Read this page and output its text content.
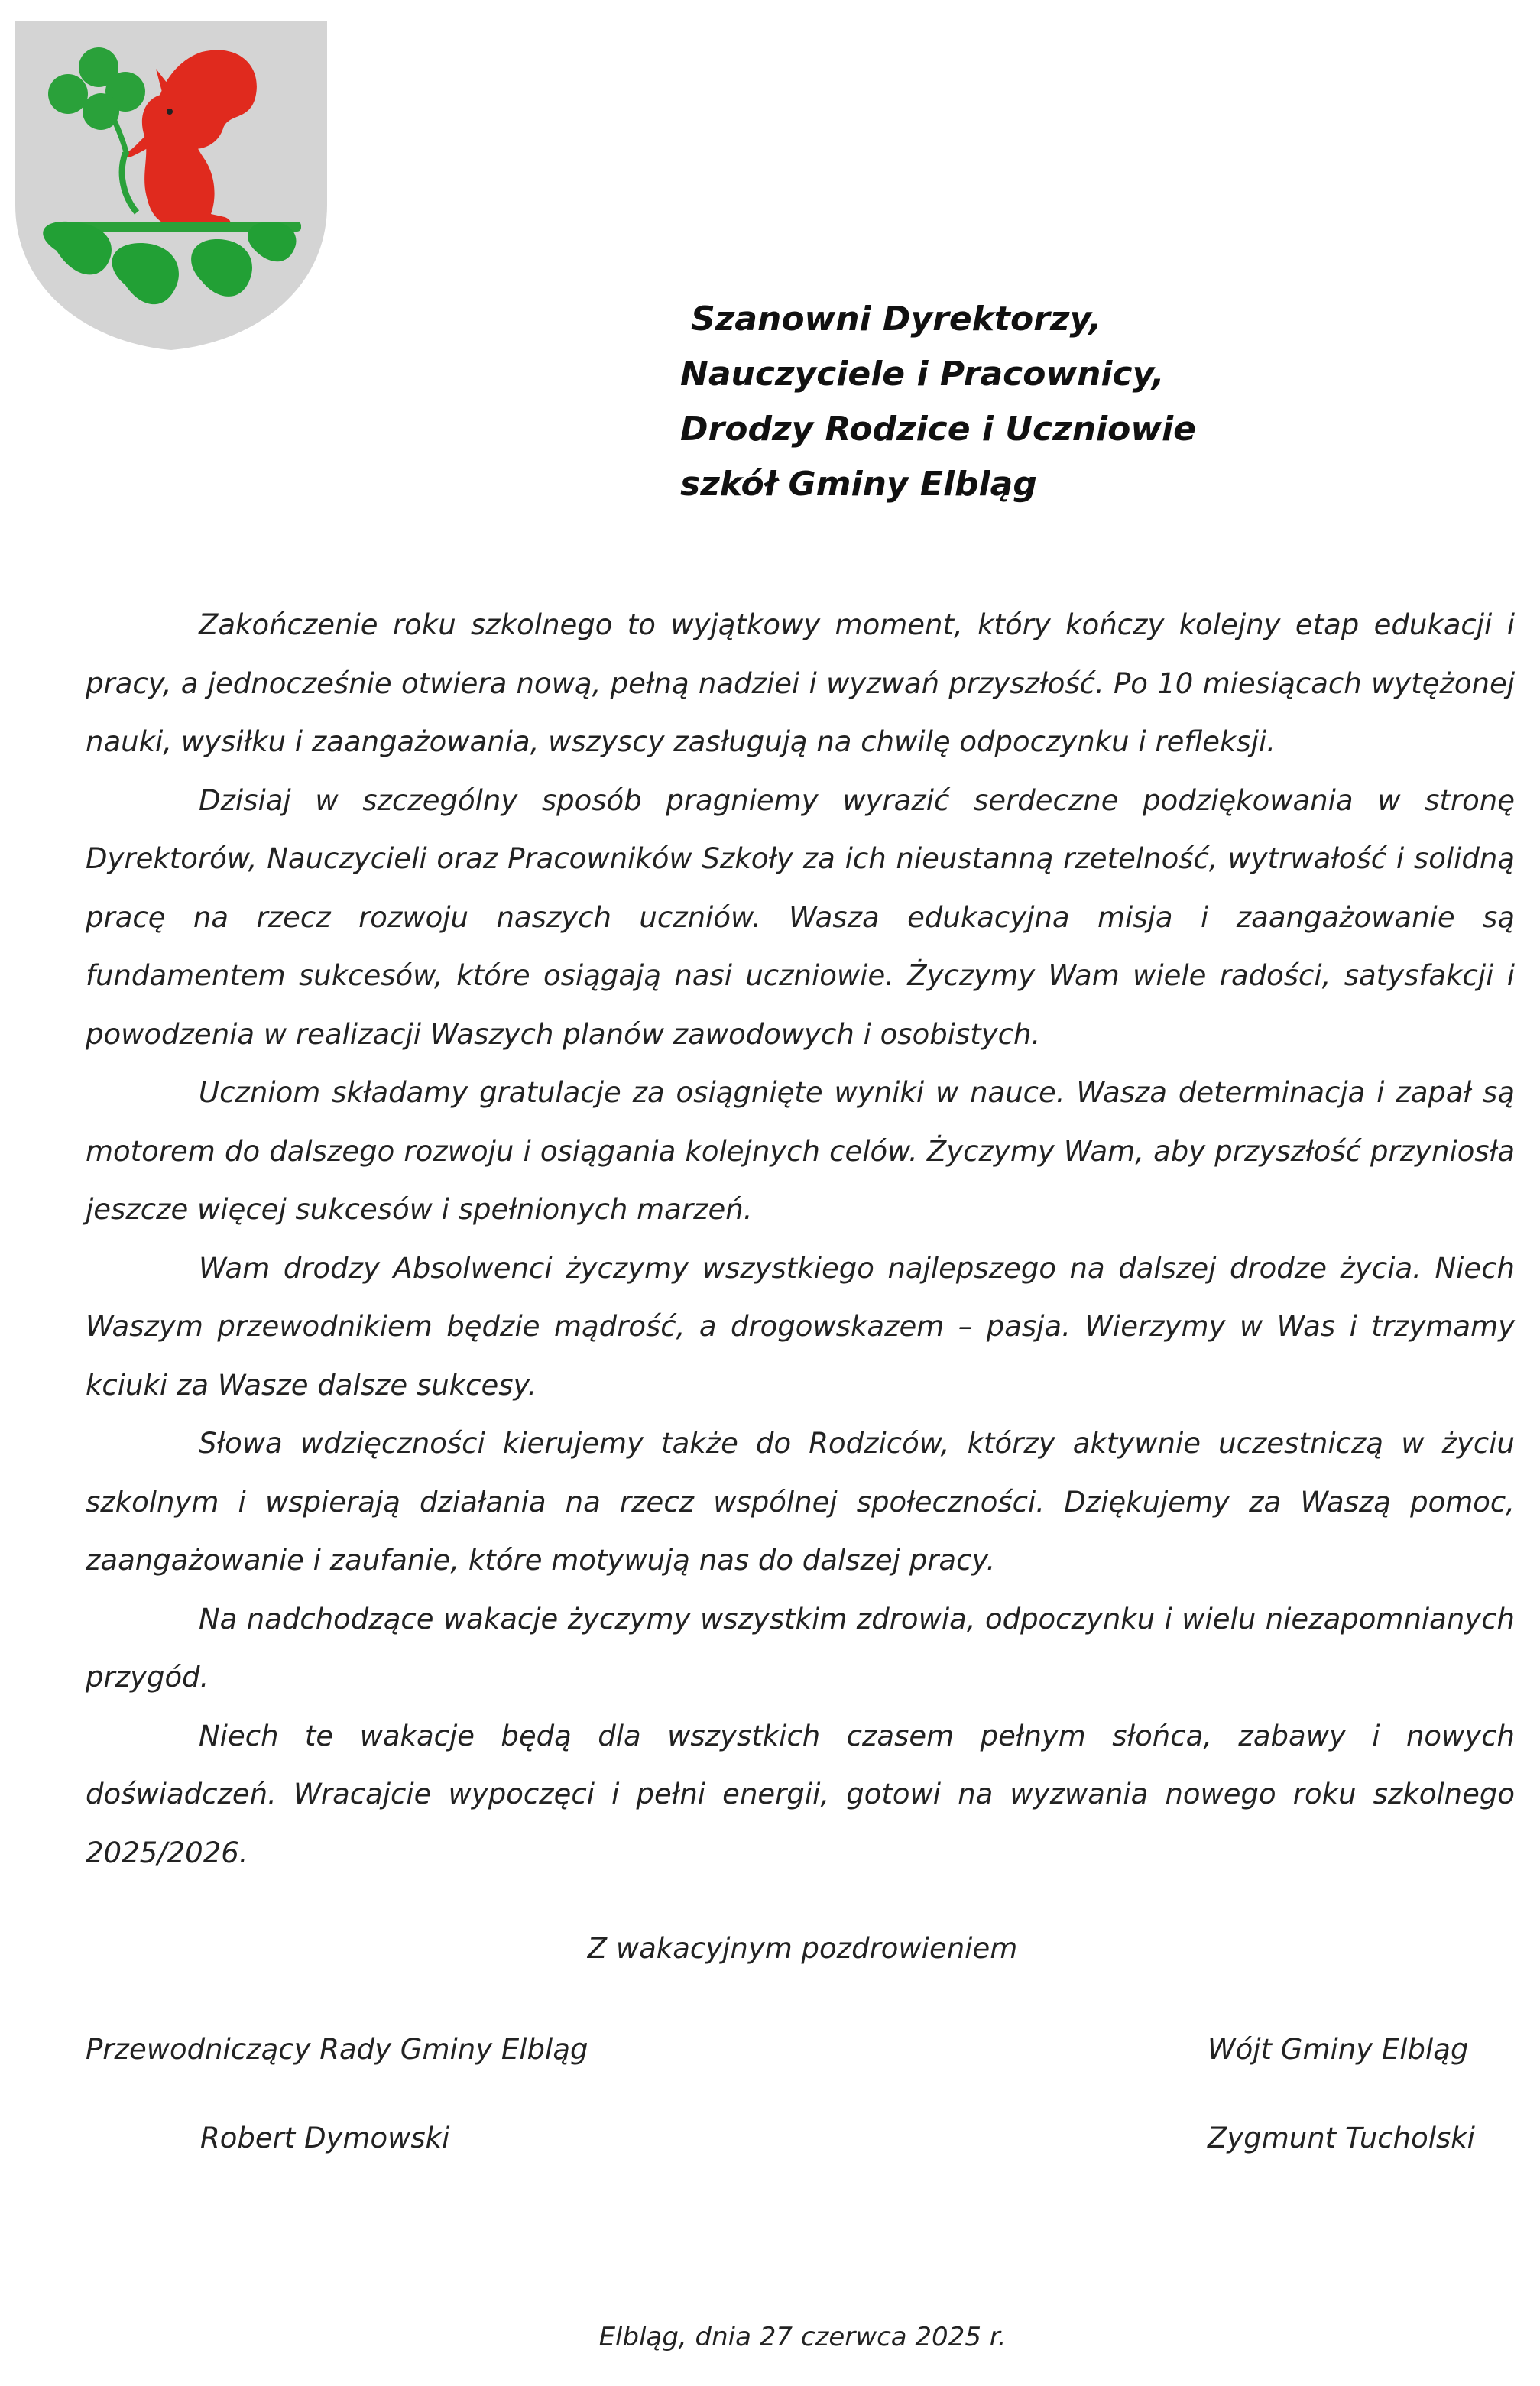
Szanowni Dyrektorzy,
Nauczyciele i Pracownicy,
Drodzy Rodzice i Uczniowie
szkół Gminy Elbląg

Zakończenie roku szkolnego to wyjątkowy moment, który kończy kolejny etap edukacji i pracy, a jednocześnie otwiera nową, pełną nadziei i wyzwań przyszłość. Po 10 miesiącach wytężonej nauki, wysiłku i zaangażowania, wszyscy zasługują na chwilę odpoczynku i refleksji.

Dzisiaj w szczególny sposób pragniemy wyrazić serdeczne podziękowania w stronę Dyrektorów, Nauczycieli oraz Pracowników Szkoły za ich nieustanną rzetelność, wytrwałość i solidną pracę na rzecz rozwoju naszych uczniów. Wasza edukacyjna misja i zaangażowanie są fundamentem sukcesów, które osiągają nasi uczniowie. Życzymy Wam wiele radości, satysfakcji i powodzenia w realizacji Waszych planów zawodowych i osobistych.

Uczniom składamy gratulacje za osiągnięte wyniki w nauce. Wasza determinacja i zapał są motorem do dalszego rozwoju i osiągania kolejnych celów. Życzymy Wam, aby przyszłość przyniosła jeszcze więcej sukcesów i spełnionych marzeń.

Wam drodzy Absolwenci życzymy wszystkiego najlepszego na dalszej drodze życia. Niech Waszym przewodnikiem będzie mądrość, a drogowskazem – pasja. Wierzymy w Was i trzymamy kciuki za Wasze dalsze sukcesy.

Słowa wdzięczności kierujemy także do Rodziców, którzy aktywnie uczestniczą w życiu szkolnym i wspierają działania na rzecz wspólnej społeczności. Dziękujemy za Waszą pomoc, zaangażowanie i zaufanie, które motywują nas do dalszej pracy.

Na nadchodzące wakacje życzymy wszystkim zdrowia, odpoczynku i wielu niezapomnianych przygód.

Niech te wakacje będą dla wszystkich czasem pełnym słońca, zabawy i nowych doświadczeń. Wracajcie wypoczęci i pełni energii, gotowi na wyzwania nowego roku szkolnego 2025/2026.

Z wakacyjnym pozdrowieniem
Przewodniczący Rady Gminy Elbląg
Robert Dymowski
Wójt Gminy Elbląg
Zygmunt Tucholski
Elbląg, dnia 27 czerwca 2025 r.
